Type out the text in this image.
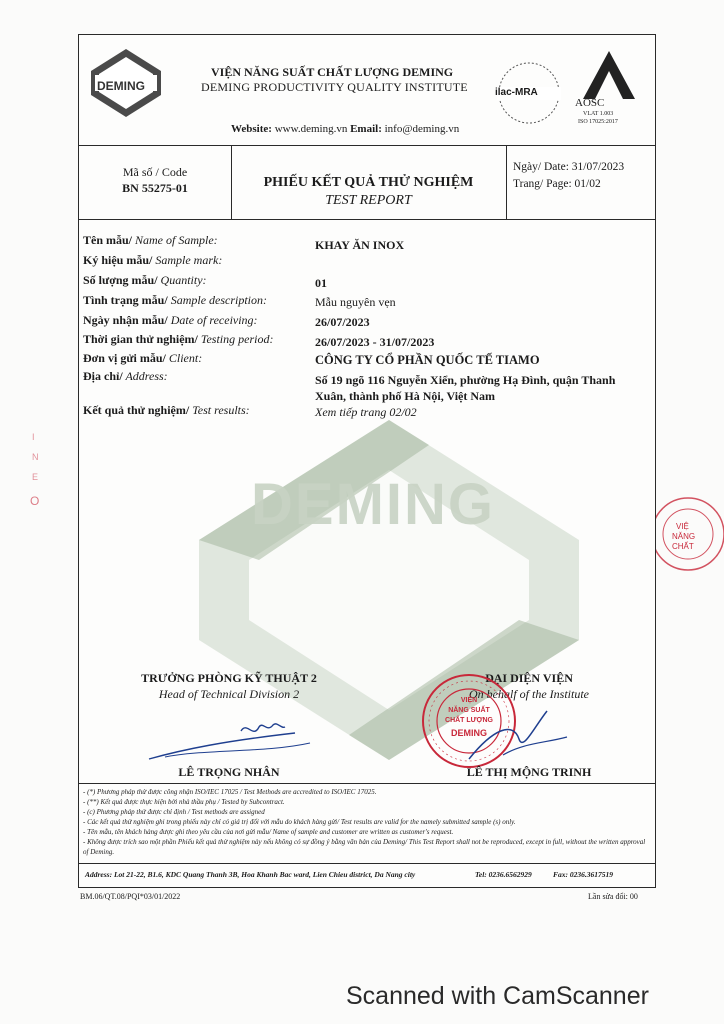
VIỆ
NĂNG
CHẤT
I
N
E
O	DEMING
DEMING
VIỆN NĂNG SUẤT CHẤT LƯỢNG DEMING
DEMING PRODUCTIVITY QUALITY INSTITUTE	ilac-MRA
AOSC
VLAT 1.003
ISO 17025:2017
Website: www.deming.vn Email: info@deming.vn
Mã số / Code
BN 55275-01	PHIẾU KẾT QUẢ THỬ NGHIỆM
TEST REPORT
Ngày/ Date: 31/07/2023
Trang/ Page: 01/02
Tên mẫu/ Name of Sample:	KHAY ĂN INOX
Ký hiệu mẫu/ Sample mark:
Số lượng mẫu/ Quantity:	01
Tình trạng mẫu/ Sample description:	Mẫu nguyên vẹn
Ngày nhận mẫu/ Date of receiving:	26/07/2023
Thời gian thử nghiệm/ Testing period:	26/07/2023 - 31/07/2023
Đơn vị gửi mẫu/ Client:	CÔNG TY CỔ PHẦN QUỐC TẾ TIAMO
Địa chỉ/ Address:	Số 19 ngõ 116 Nguyễn Xiển, phường Hạ Đình, quận Thanh
Xuân, thành phố Hà Nội, Việt Nam
Kết quả thử nghiệm/ Test results:	Xem tiếp trang 02/02
TRƯỞNG PHÒNG KỸ THUẬT 2
Head of Technical Division 2
LÊ TRỌNG NHÂN
ĐẠI DIỆN VIỆN
On behalf of the Institute
VIỆN
NĂNG SUẤT
CHẤT LƯỢNG
DEMING
LÊ THỊ MỘNG TRINH
- (*) Phương pháp thử được công nhận ISO/IEC 17025 / Test Methods are accredited to ISO/IEC 17025.
- (**) Kết quả được thực hiện bởi nhà thầu phụ / Tested by Subcontract.
- (c) Phương pháp thử được chỉ định / Test methods are assigned
- Các kết quả thử nghiệm ghi trong phiếu này chỉ có giá trị đối với mẫu do khách hàng gửi/ Test results are valid for the namely submitted sample (s) only.
- Tên mẫu, tên khách hàng được ghi theo yêu cầu của nơi gửi mẫu/ Name of sample and customer are written as customer's request.
- Không được trích sao một phần Phiếu kết quả thử nghiệm này nếu không có sự đồng ý bằng văn bản của Deming/ This Test Report shall not be reproduced, except in full, without the written approval of Deming.
Address: Lot 21-22, B1.6, KDC Quang Thanh 3B, Hoa Khanh Bac ward, Lien Chieu district, Da Nang city	Tel: 0236.6562929	Fax: 0236.3617519
BM.06/QT.08/PQI*03/01/2022	Lần sửa đổi: 00
Scanned with CamScanner
